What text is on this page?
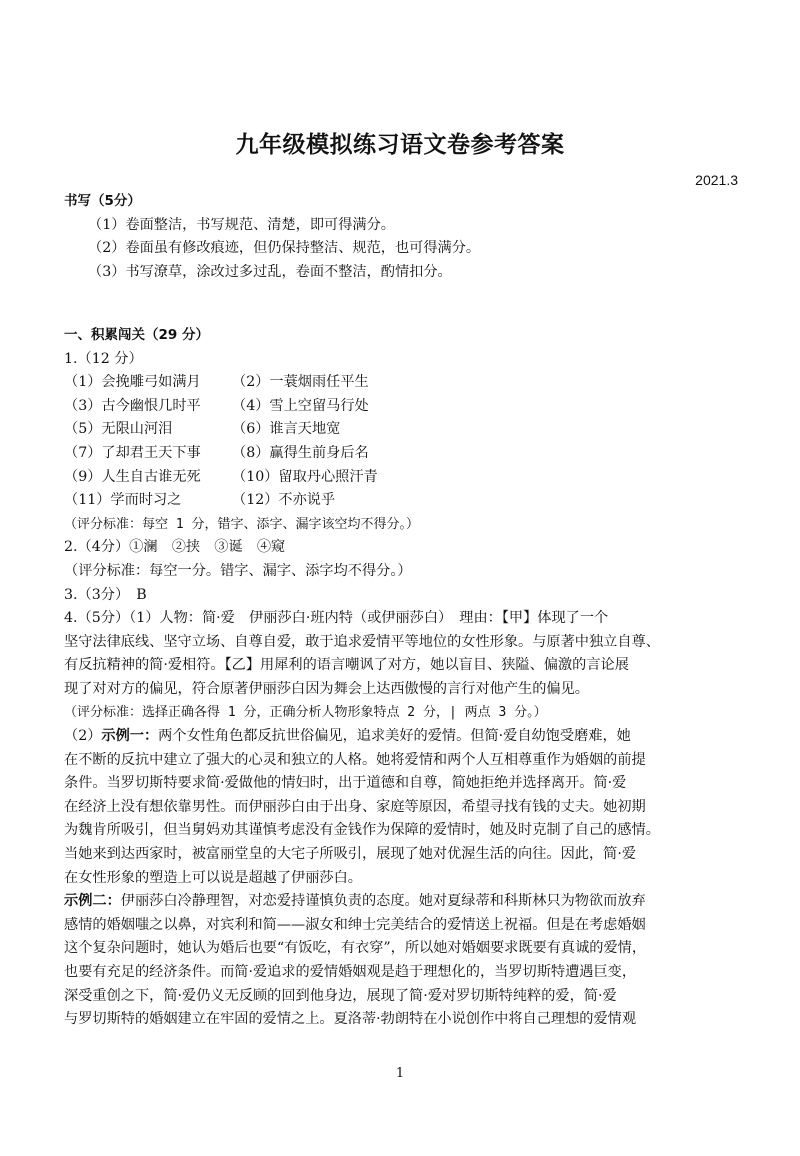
九年级模拟练习语文卷参考答案
2021.3
书写（5分）
（1）卷面整洁，书写规范、清楚，即可得满分。
（2）卷面虽有修改痕迹，但仍保持整洁、规范，也可得满分。
（3）书写潦草，涂改过多过乱，卷面不整洁，酌情扣分。
一、积累闯关（29 分）
1.（12 分）
（1）会挽雕弓如满月	（2）一蓑烟雨任平生
（3）古今幽恨几时平	（4）雪上空留马行处
（5）无限山河泪	（6）谁言天地宽
（7）了却君王天下事	（8）赢得生前身后名
（9）人生自古谁无死	（10）留取丹心照汗青
（11）学而时习之	（12）不亦说乎
（评分标准：每空 1 分，错字、添字、漏字该空均不得分。）
2.（4分）①澜　②挟　③诞　④窥
（评分标准：每空一分。错字、漏字、添字均不得分。）
3.（3分）　B
4.（5分）（1）人物：简·爱　伊丽莎白·班内特（或伊丽莎白）　理由：【甲】体现了一个
坚守法律底线、坚守立场、自尊自爱，敢于追求爱情平等地位的女性形象。与原著中独立自尊、
有反抗精神的简·爱相符。【乙】用犀利的语言嘲讽了对方，她以盲目、狭隘、偏激的言论展
现了对对方的偏见，符合原著伊丽莎白因为舞会上达西傲慢的言行对他产生的偏见。
（评分标准：选择正确各得 1 分，正确分析人物形象特点 2 分，| 两点 3 分。）
（2）示例一：两个女性角色都反抗世俗偏见，追求美好的爱情。但简·爱自幼饱受磨难，她
在不断的反抗中建立了强大的心灵和独立的人格。她将爱情和两个人互相尊重作为婚姻的前提
条件。当罗切斯特要求简·爱做他的情妇时，出于道德和自尊，简她拒绝并选择离开。简·爱
在经济上没有想依靠男性。而伊丽莎白由于出身、家庭等原因，希望寻找有钱的丈夫。她初期
为魏肯所吸引，但当舅妈劝其谨慎考虑没有金钱作为保障的爱情时，她及时克制了自己的感情。
当她来到达西家时，被富丽堂皇的大宅子所吸引，展现了她对优渥生活的向往。因此，简·爱
在女性形象的塑造上可以说是超越了伊丽莎白。
示例二：伊丽莎白冷静理智，对恋爱持谨慎负责的态度。她对夏绿蒂和科斯林只为物欲而放弃
感情的婚姻嗤之以鼻，对宾利和简——淑女和绅士完美结合的爱情送上祝福。但是在考虑婚姻
这个复杂问题时，她认为婚后也要“有饭吃，有衣穿”，所以她对婚姻要求既要有真诚的爱情，
也要有充足的经济条件。而简·爱追求的爱情婚姻观是趋于理想化的，当罗切斯特遭遇巨变，
深受重创之下，简·爱仍义无反顾的回到他身边，展现了简·爱对罗切斯特纯粹的爱，简·爱
与罗切斯特的婚姻建立在牢固的爱情之上。夏洛蒂·勃朗特在小说创作中将自己理想的爱情观
1
